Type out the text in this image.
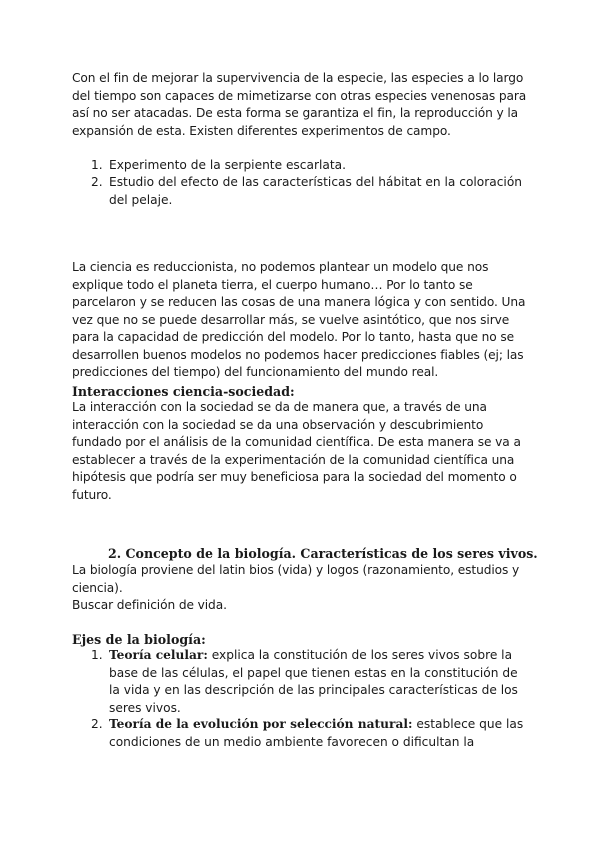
Con el fin de mejorar la supervivencia de la especie, las especies a lo largo del tiempo son capaces de mimetizarse con otras especies venenosas para así no ser atacadas. De esta forma se garantiza el fin, la reproducción y la expansión de esta. Existen diferentes experimentos de campo.

1. Experimento de la serpiente escarlata.
2. Estudio del efecto de las características del hábitat en la coloración del pelaje.

La ciencia es reduccionista, no podemos plantear un modelo que nos explique todo el planeta tierra, el cuerpo humano… Por lo tanto se parcelaron y se reducen las cosas de una manera lógica y con sentido. Una vez que no se puede desarrollar más, se vuelve asintótico, que nos sirve para la capacidad de predicción del modelo. Por lo tanto, hasta que no se desarrollen buenos modelos no podemos hacer predicciones fiables (ej; las predicciones del tiempo) del funcionamiento del mundo real.

Interacciones ciencia-sociedad:

La interacción con la sociedad se da de manera que, a través de una interacción con la sociedad se da una observación y descubrimiento fundado por el análisis de la comunidad científica. De esta manera se va a establecer a través de la experimentación de la comunidad científica una hipótesis que podría ser muy beneficiosa para la sociedad del momento o futuro.

2. Concepto de la biología. Características de los seres vivos.

La biología proviene del latin bios (vida) y logos (razonamiento, estudios y ciencia).

Buscar definición de vida.

Ejes de la biología:

1. Teoría celular: explica la constitución de los seres vivos sobre la base de las células, el papel que tienen estas en la constitución de la vida y en las descripción de las principales características de los seres vivos.
2. Teoría de la evolución por selección natural: establece que las condiciones de un medio ambiente favorecen o dificultan la
